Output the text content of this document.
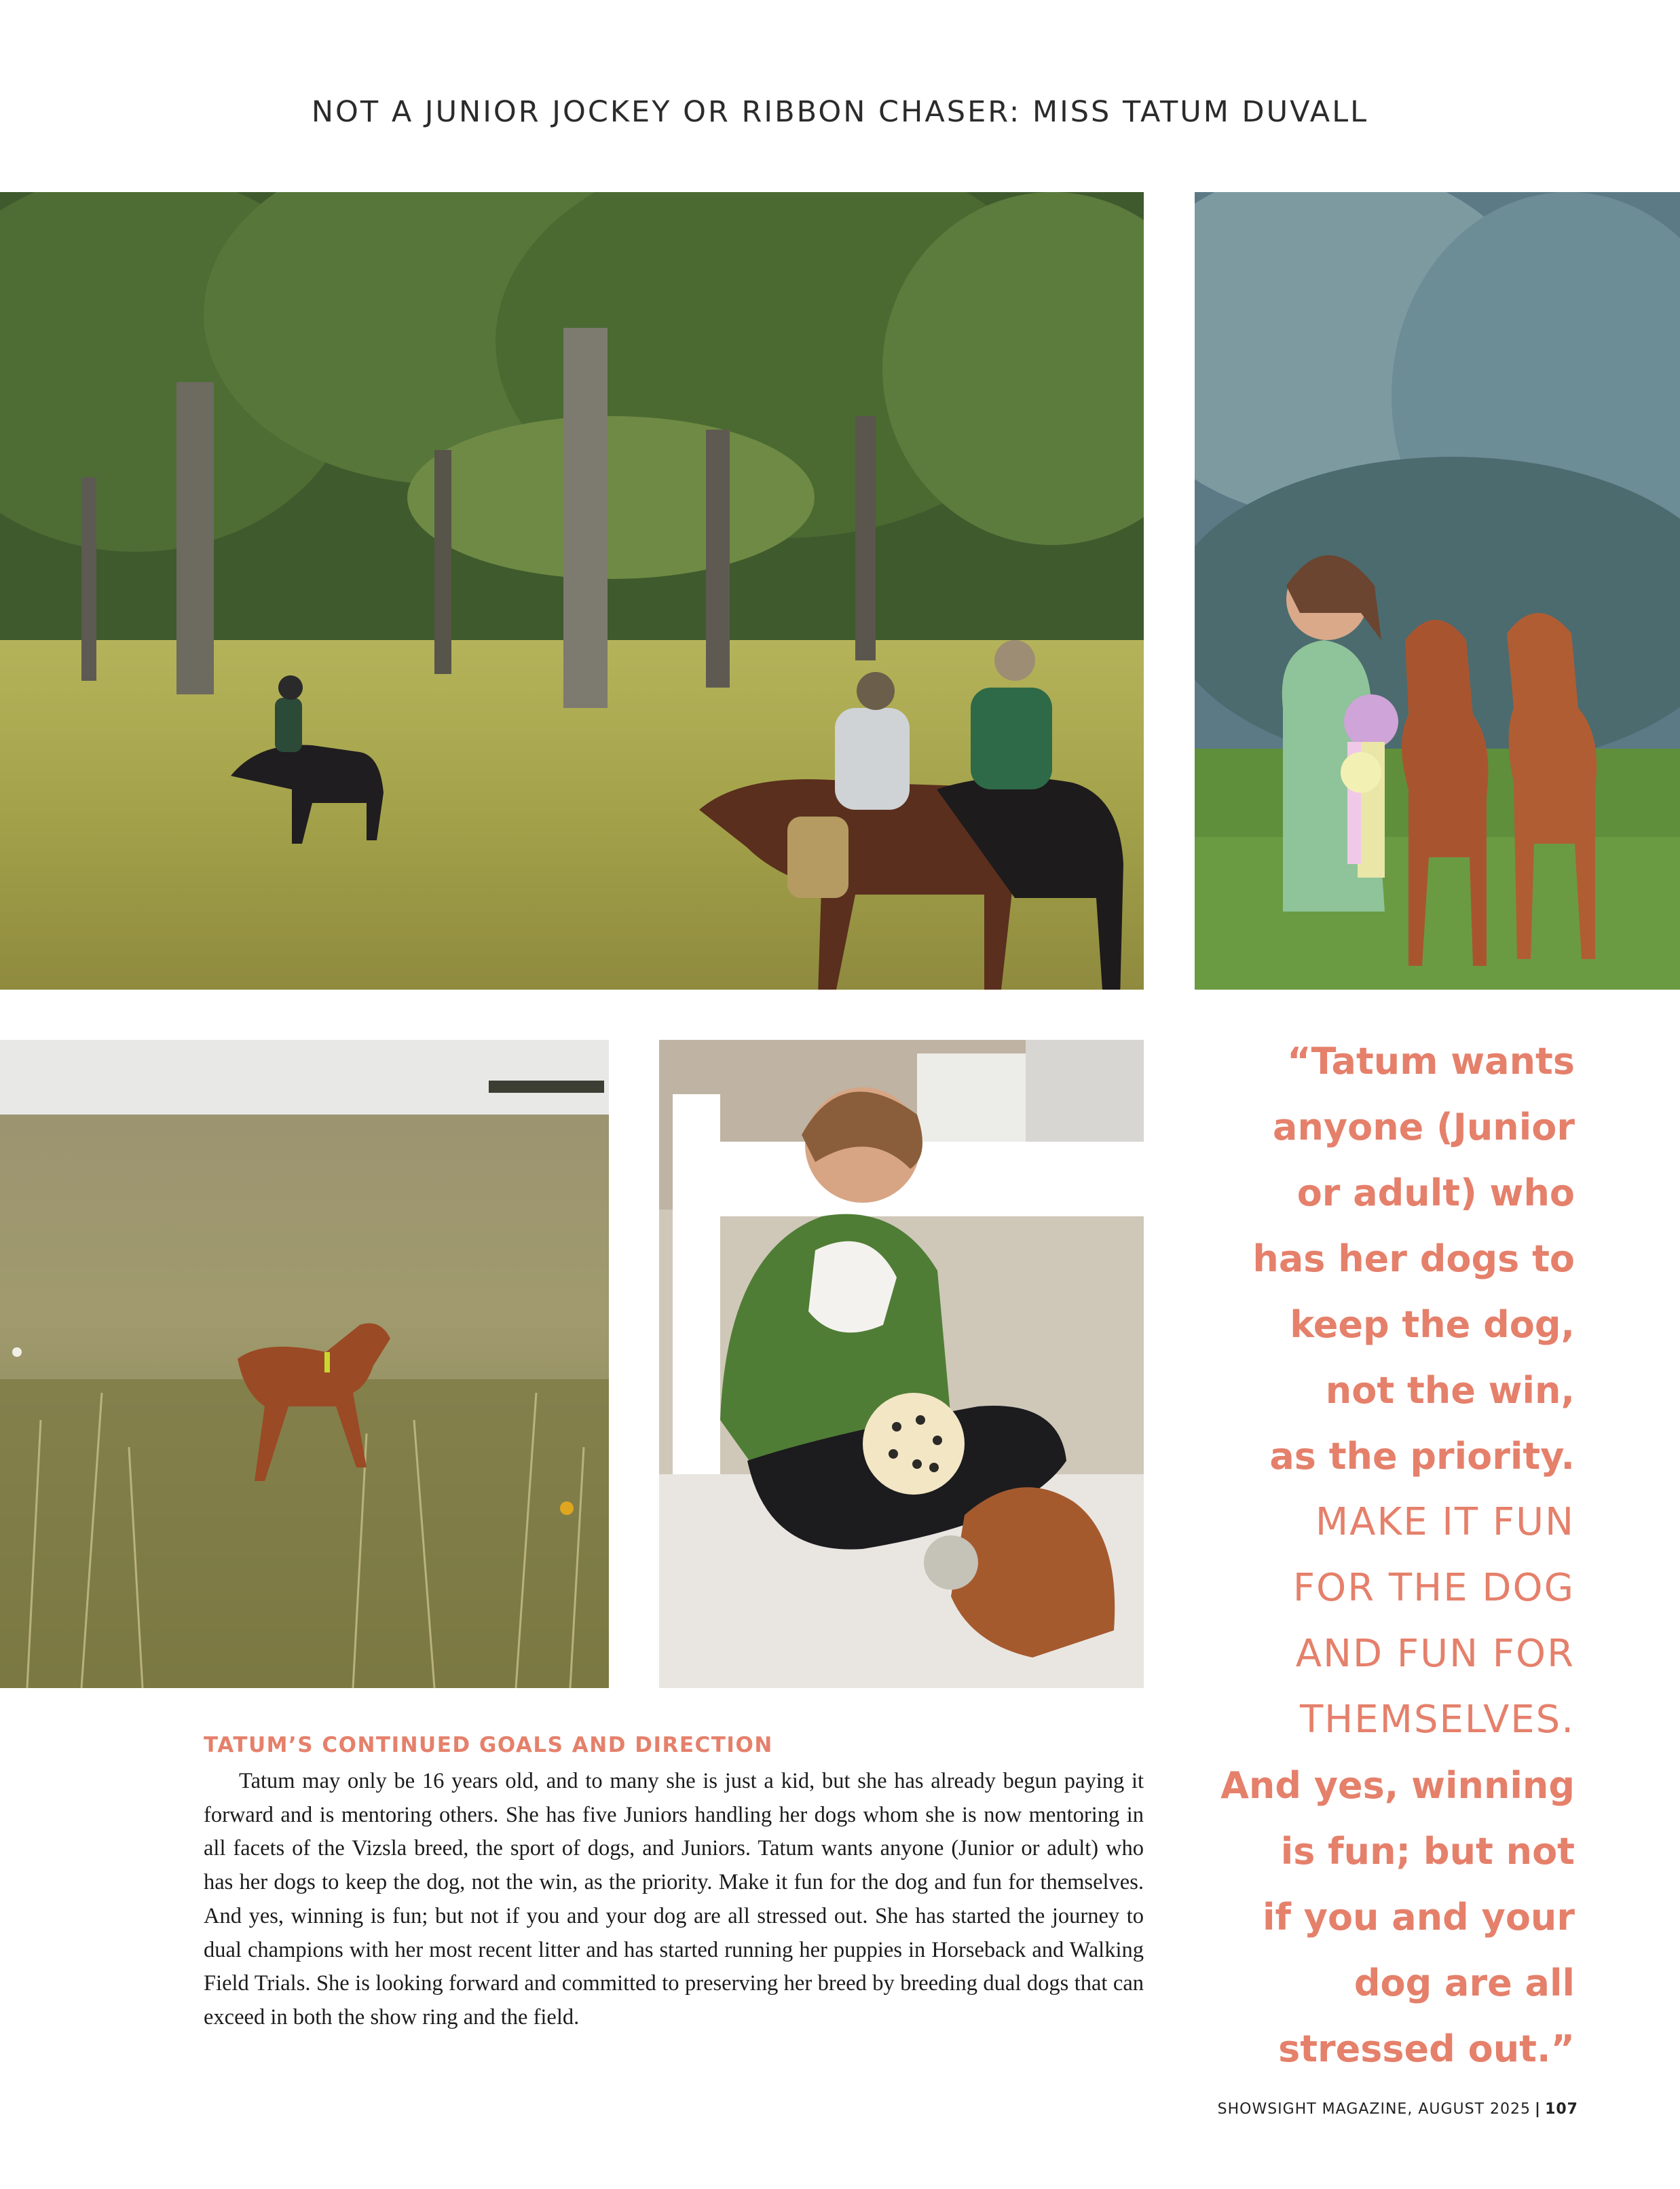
NOT A JUNIOR JOCKEY OR RIBBON CHASER: MISS TATUM DUVALL
“Tatum wants
anyone (Junior
or adult) who
has her dogs to
keep the dog,
not the win,
as the priority.
MAKE IT FUN
FOR THE DOG
AND FUN FOR
THEMSELVES.
And yes, winning
is fun; but not
if you and your
dog are all
stressed out.”
TATUM’S CONTINUED GOALS AND DIRECTION

Tatum may only be 16 years old, and to many she is just a kid, but she has already begun paying it forward and is mentoring others. She has five Juniors handling her dogs whom she is now mentoring in all facets of the Vizsla breed, the sport of dogs, and Juniors. Tatum wants anyone (Junior or adult) who has her dogs to keep the dog, not the win, as the priority. Make it fun for the dog and fun for themselves. And yes, winning is fun; but not if you and your dog are all stressed out. She has started the journey to dual champions with her most recent litter and has started running her puppies in Horseback and Walking Field Trials. She is looking forward and committed to preserving her breed by breeding dual dogs that can exceed in both the show ring and the field.

SHOWSIGHT MAGAZINE, AUGUST 2025 | 107
